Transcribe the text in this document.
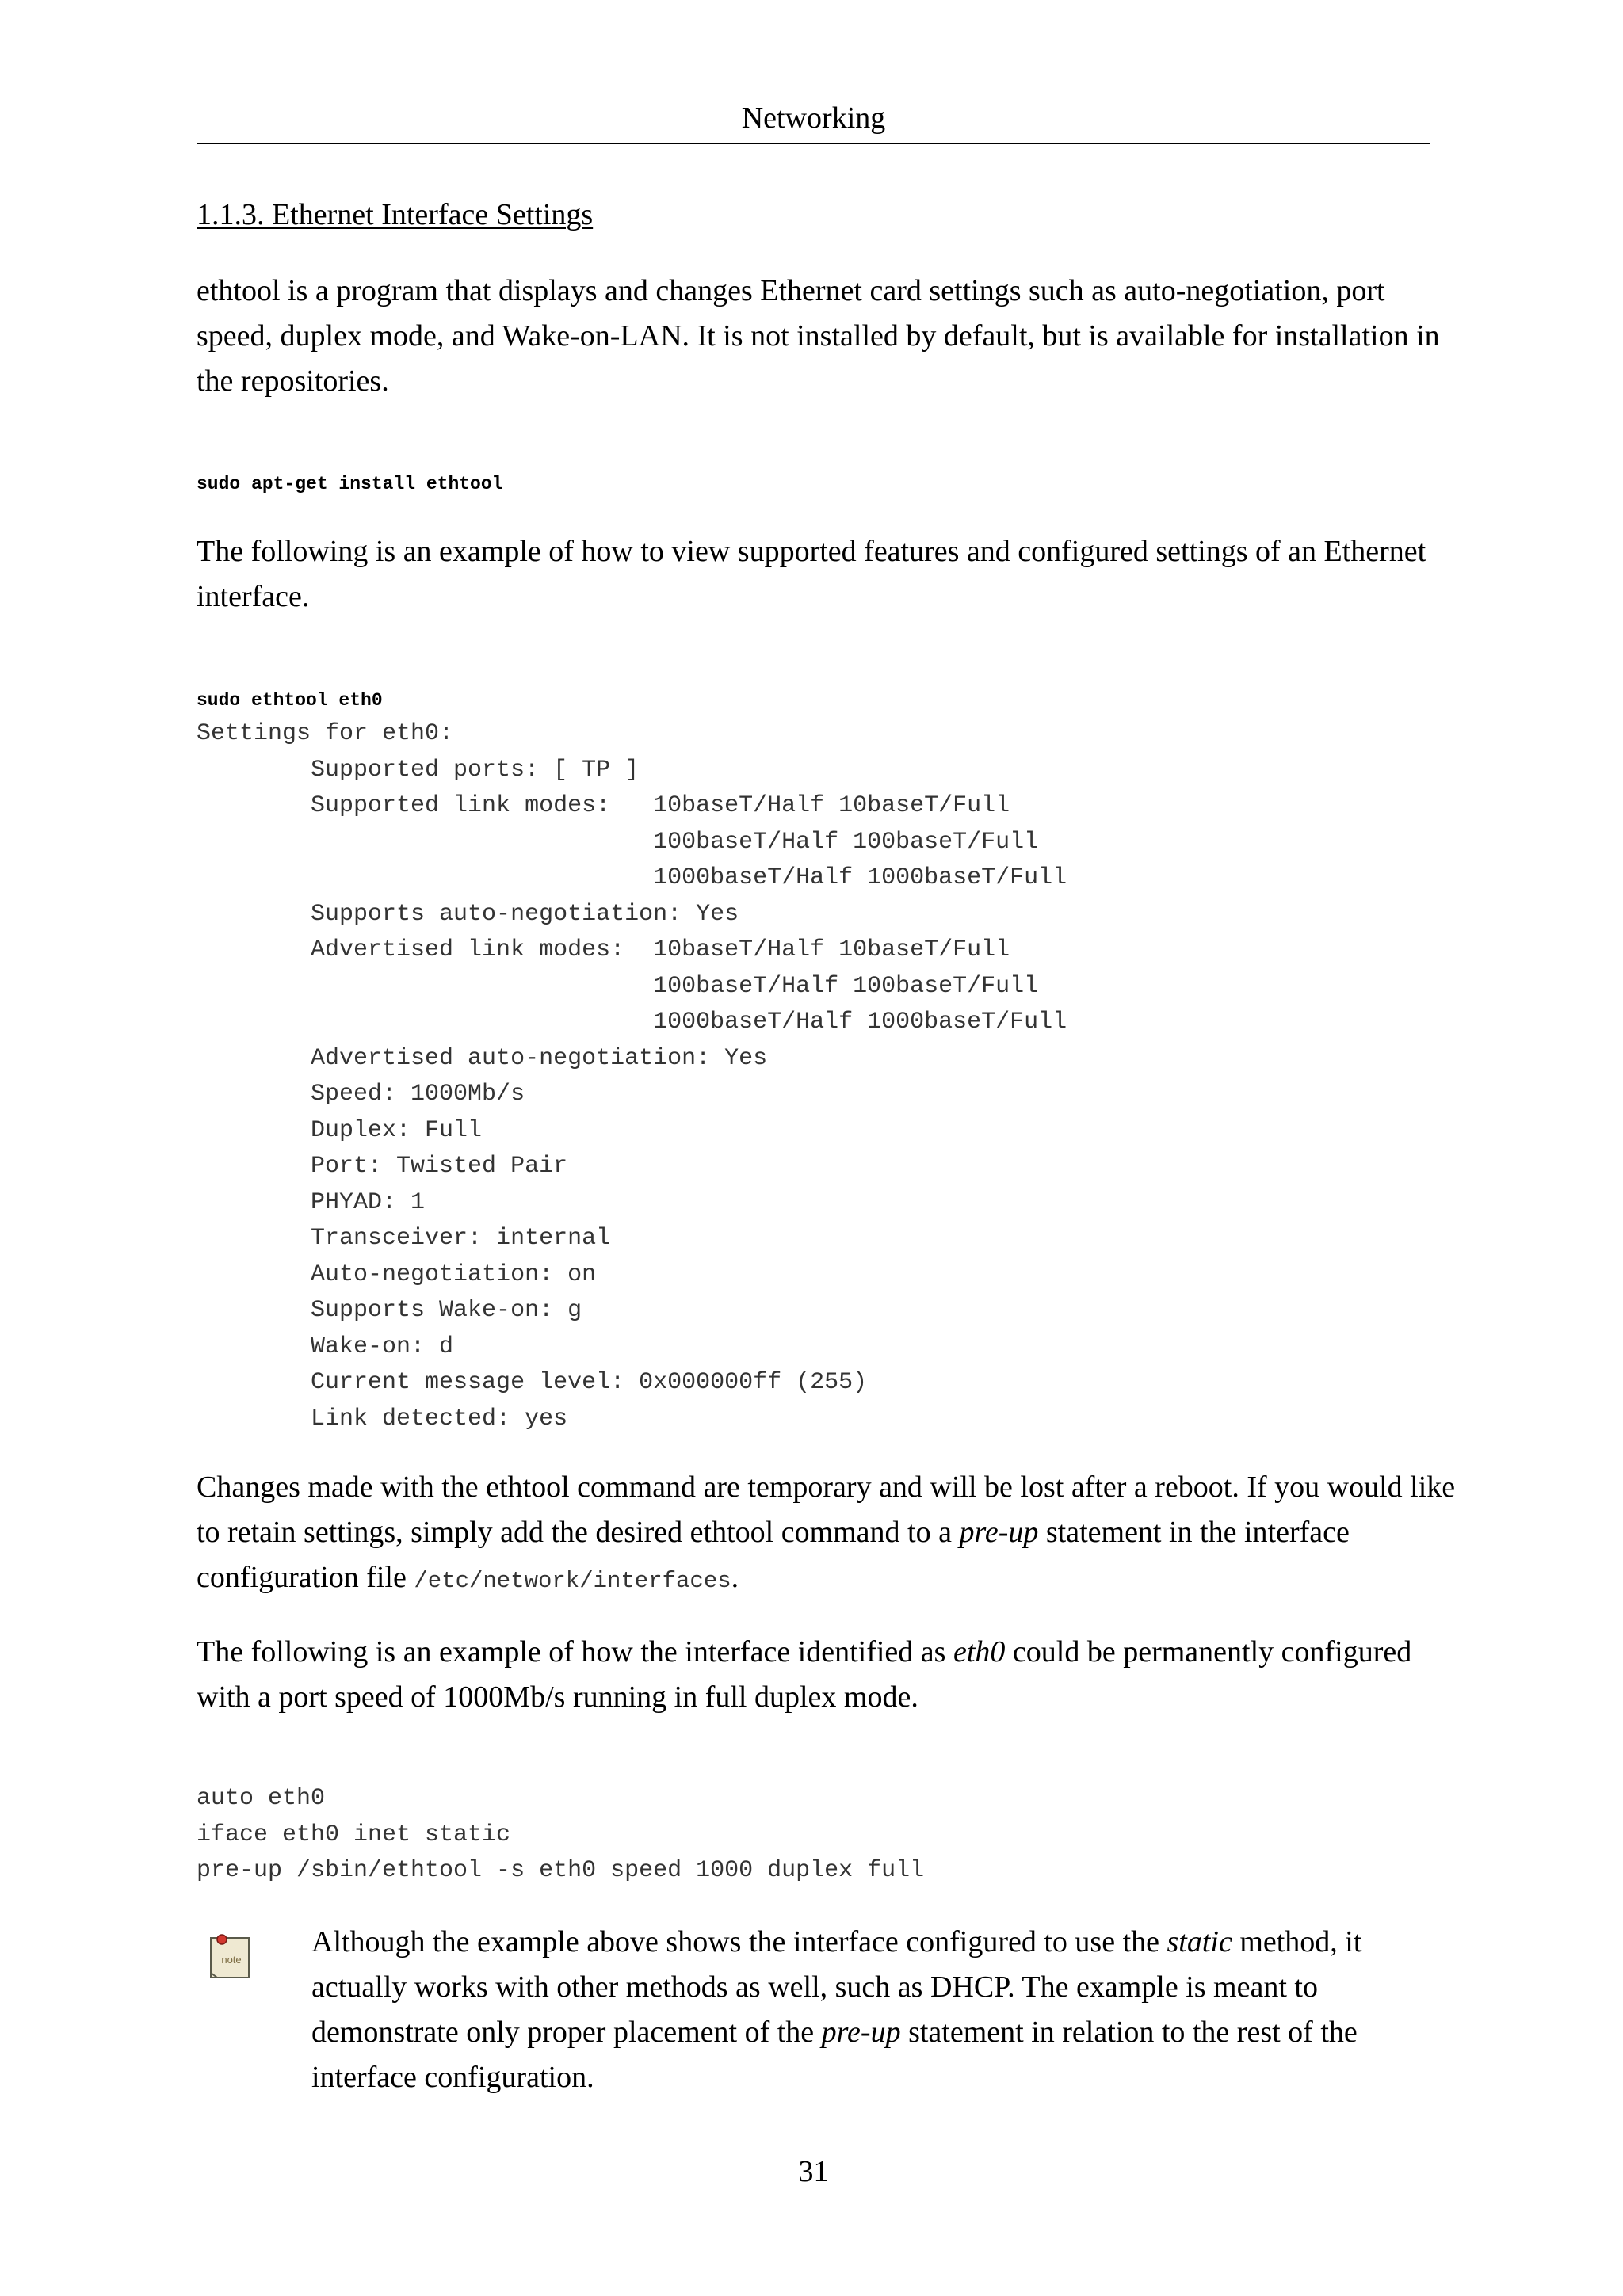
Networking
1.1.3. Ethernet Interface Settings

ethtool is a program that displays and changes Ethernet card settings such as auto-negotiation, port speed, duplex mode, and Wake-on-LAN. It is not installed by default, but is available for installation in the repositories.

sudo apt-get install ethtool

The following is an example of how to view supported features and configured settings of an Ethernet interface.

sudo ethtool eth0
Settings for eth0:
Supported ports: [ TP ]
Supported link modes:   10baseT/Half 10baseT/Full
100baseT/Half 100baseT/Full
1000baseT/Half 1000baseT/Full
Supports auto-negotiation: Yes
Advertised link modes:  10baseT/Half 10baseT/Full
100baseT/Half 100baseT/Full
1000baseT/Half 1000baseT/Full
Advertised auto-negotiation: Yes
Speed: 1000Mb/s
Duplex: Full
Port: Twisted Pair
PHYAD: 1
Transceiver: internal
Auto-negotiation: on
Supports Wake-on: g
Wake-on: d
Current message level: 0x000000ff (255)
Link detected: yes

Changes made with the ethtool command are temporary and will be lost after a reboot. If you would like to retain settings, simply add the desired ethtool command to a pre-up statement in the interface configuration file /etc/network/interfaces.

The following is an example of how the interface identified as eth0 could be permanently configured with a port speed of 1000Mb/s running in full duplex mode.

auto eth0
iface eth0 inet static
pre-up /sbin/ethtool -s eth0 speed 1000 duplex full
note

Although the example above shows the interface configured to use the static method, it actually works with other methods as well, such as DHCP. The example is meant to demonstrate only proper placement of the pre-up statement in relation to the rest of the interface configuration.

31
